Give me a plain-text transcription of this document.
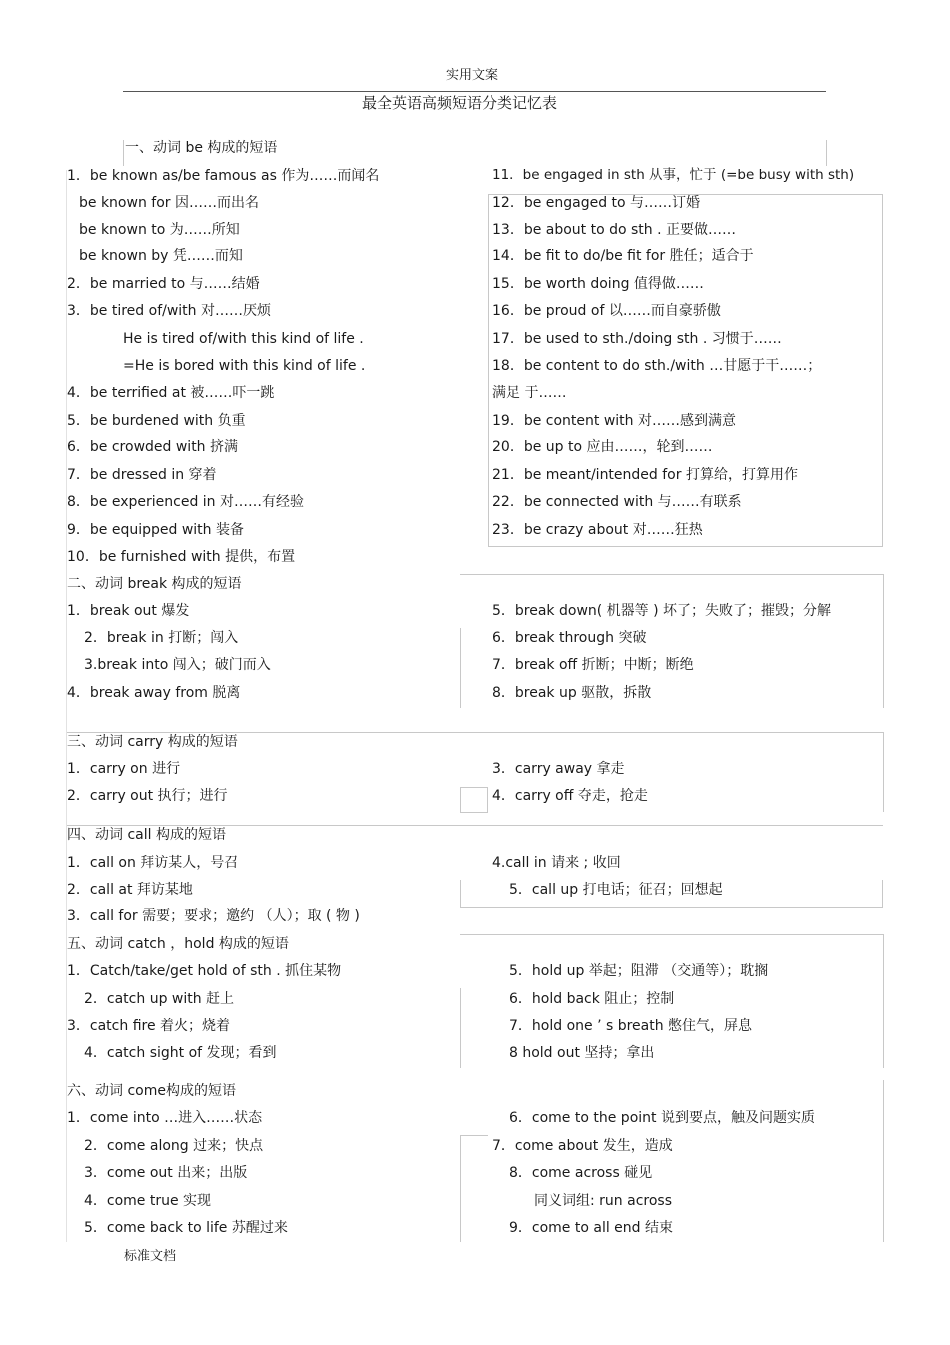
实用文案
最全英语高频短语分类记忆表
标准文档
一、动词 be 构成的短语
1．be known as/be famous as 作为……而闻名
be known for 因……而出名
be known to 为……所知
be known by 凭……而知
2．be married to 与……结婚
3．be tired of/with 对……厌烦
He is tired of/with this kind of life .
=He is bored with this kind of life .
4．be terrified at 被……吓一跳
5．be burdened with 负重
6．be crowded with 挤满
7．be dressed in 穿着
8．be experienced in 对……有经验
9．be equipped with 装备
10．be furnished with 提供，布置
11．be engaged in sth 从事，忙于 (=be busy with sth)
12．be engaged to 与……订婚
13．be about to do sth . 正要做……
14．be fit to do/be fit for 胜任；适合于
15．be worth doing 值得做……
16．be proud of 以……而自豪骄傲
17．be used to sth./doing sth . 习惯于……
18．be content to do sth./with …甘愿于干……；
满足 于……
19．be content with 对……感到满意
20．be up to 应由……，轮到……
21．be meant/intended for 打算给，打算用作
22．be connected with 与……有联系
23．be crazy about 对……狂热
二、动词 break 构成的短语
1．break out 爆发
2．break in 打断；闯入
3.break into 闯入；破门而入
4．break away from 脱离
5．break down( 机器等 ) 坏了；失败了；摧毁；分解
6．break through 突破
7．break off 折断；中断；断绝
8．break up 驱散，拆散
三、动词 carry 构成的短语
1．carry on 进行
2．carry out 执行；进行
3．carry away 拿走
4．carry off 夺走，抢走
四、动词 call 构成的短语
1．call on 拜访某人，号召
2．call at 拜访某地
3．call for 需要；要求；邀约 （人）；取 ( 物 )
4.call in 请来 ; 收回
5．call up 打电话；征召；回想起
五、动词 catch ，hold 构成的短语
1．Catch/take/get hold of sth . 抓住某物
2．catch up with 赶上
3．catch fire 着火；烧着
4．catch sight of 发现；看到
5．hold up 举起；阻滞 （交通等）；耽搁
6．hold back 阻止；控制
7．hold one ’ s breath 憋住气，屏息
8 hold out 坚持；拿出
六、动词 come构成的短语
1．come into …进入……状态
2．come along 过来；快点
3．come out 出来；出版
4．come true 实现
5．come back to life 苏醒过来
6．come to the point 说到要点，触及问题实质
7．come about 发生，造成
8．come across 碰见
同义词组: run across
9．come to all end 结束
